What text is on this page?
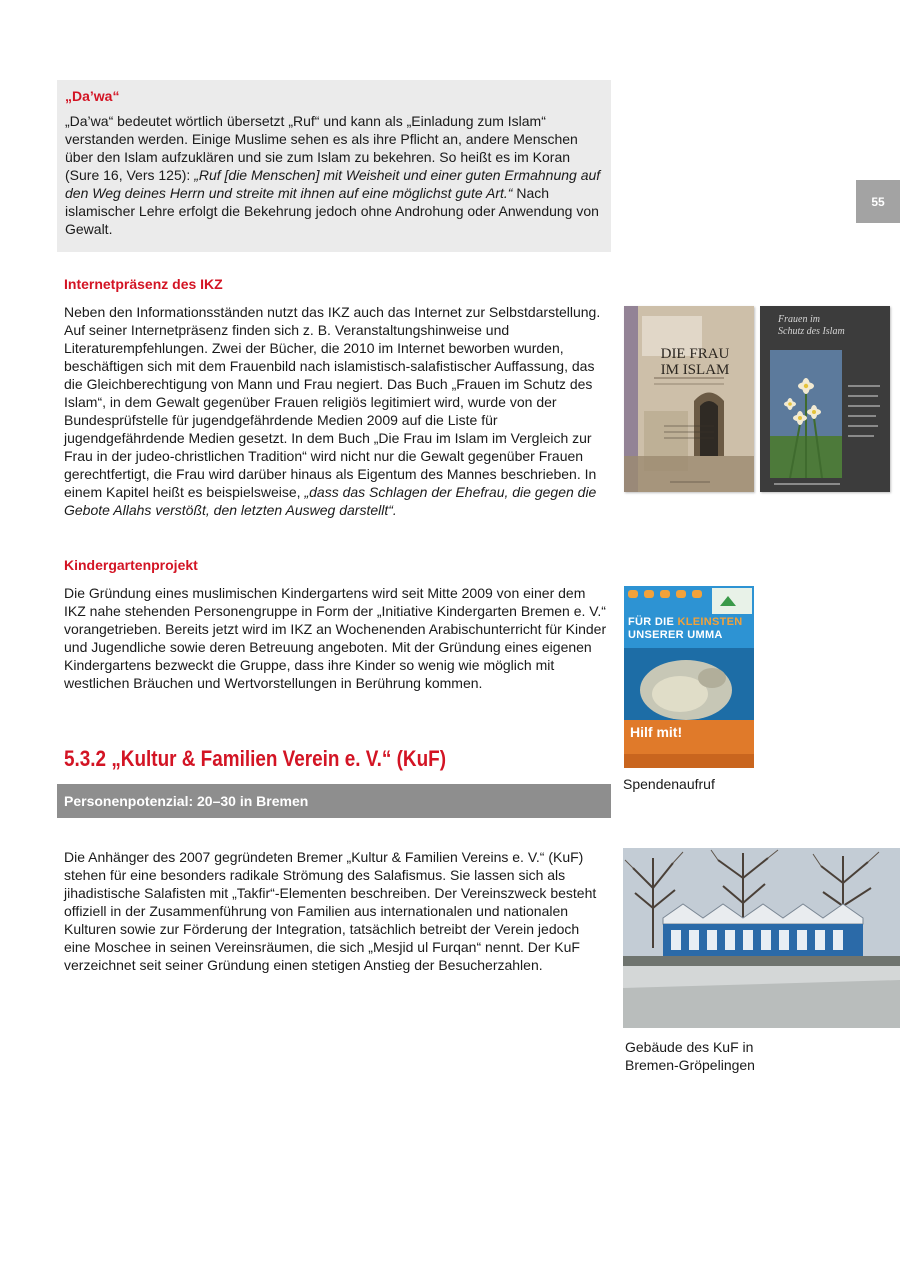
„Da’wa“

„Da’wa“ bedeutet wörtlich übersetzt „Ruf“ und kann als „Einladung zum Islam“ verstanden werden. Einige Muslime sehen es als ihre Pflicht an, andere Menschen über den Islam aufzuklären und sie zum Islam zu bekehren. So heißt es im Koran (Sure 16, Vers 125): „Ruf [die Menschen] mit Weisheit und einer guten Ermahnung auf den Weg deines Herrn und streite mit ihnen auf eine möglichst gute Art.“ Nach islamischer Lehre erfolgt die Bekehrung jedoch ohne Androhung oder Anwendung von Gewalt.

55

Internetpräsenz des IKZ

Neben den Informationsständen nutzt das IKZ auch das Internet zur Selbstdarstellung. Auf seiner Internetpräsenz finden sich z. B. Veranstaltungshinweise und Literaturempfehlungen. Zwei der Bücher, die 2010 im Internet beworben wurden, beschäftigen sich mit dem Frauenbild nach islamistisch-salafistischer Auffassung, das die Gleichberechtigung von Mann und Frau negiert. Das Buch „Frauen im Schutz des Islam“, in dem Gewalt gegenüber Frauen religiös legitimiert wird, wurde von der Bundesprüfstelle für jugendgefährdende Medien 2009 auf die Liste für jugendgefährdende Medien gesetzt. In dem Buch „Die Frau im Islam im Vergleich zur Frau in der judeo-christlichen Tradition“ wird nicht nur die Gewalt gegenüber Frauen gerechtfertigt, die Frau wird darüber hinaus als Eigentum des Mannes beschrieben. In einem Kapitel heißt es beispielsweise, „dass das Schlagen der Ehefrau, die gegen die Gebote Allahs verstößt, den letzten Ausweg darstellt“.

Kindergartenprojekt

Die Gründung eines muslimischen Kindergartens wird seit Mitte 2009 von einer dem IKZ nahe stehenden Personengruppe in Form der „Initiative Kindergarten Bremen e. V.“ vorangetrieben. Bereits jetzt wird im IKZ an Wochenenden Arabischunterricht für Kinder und Jugendliche sowie deren Betreuung angeboten. Mit der Gründung eines eigenen Kindergartens bezweckt die Gruppe, dass ihre Kinder so wenig wie möglich mit westlichen Bräuchen und Wertvorstellungen in Berührung kommen.

5.3.2 „Kultur & Familien Verein e. V.“ (KuF)
Personenpotenzial: 20–30 in Bremen

Die Anhänger des 2007 gegründeten Bremer „Kultur & Familien Vereins e. V.“ (KuF) stehen für eine besonders radikale Strömung des Salafismus. Sie lassen sich als jihadistische Salafisten mit „Takfir“-Elementen beschreiben. Der Vereinszweck besteht offiziell in der Zusammenführung von Familien aus internationalen und nationalen Kulturen sowie zur Förderung der Integration, tatsächlich betreibt der Verein jedoch eine Moschee in seinen Vereinsräumen, die sich „Mesjid ul Furqan“ nennt. Der KuF verzeichnet seit seiner Gründung einen stetigen Anstieg der Besucherzahlen.

DIE FRAU
IM ISLAM
Frauen im
Schutz des Islam
FÜR DIE KLEINSTEN
UNSERER UMMA
Hilf mit!

Spendenaufruf

Gebäude des KuF in

Bremen-Gröpelingen
